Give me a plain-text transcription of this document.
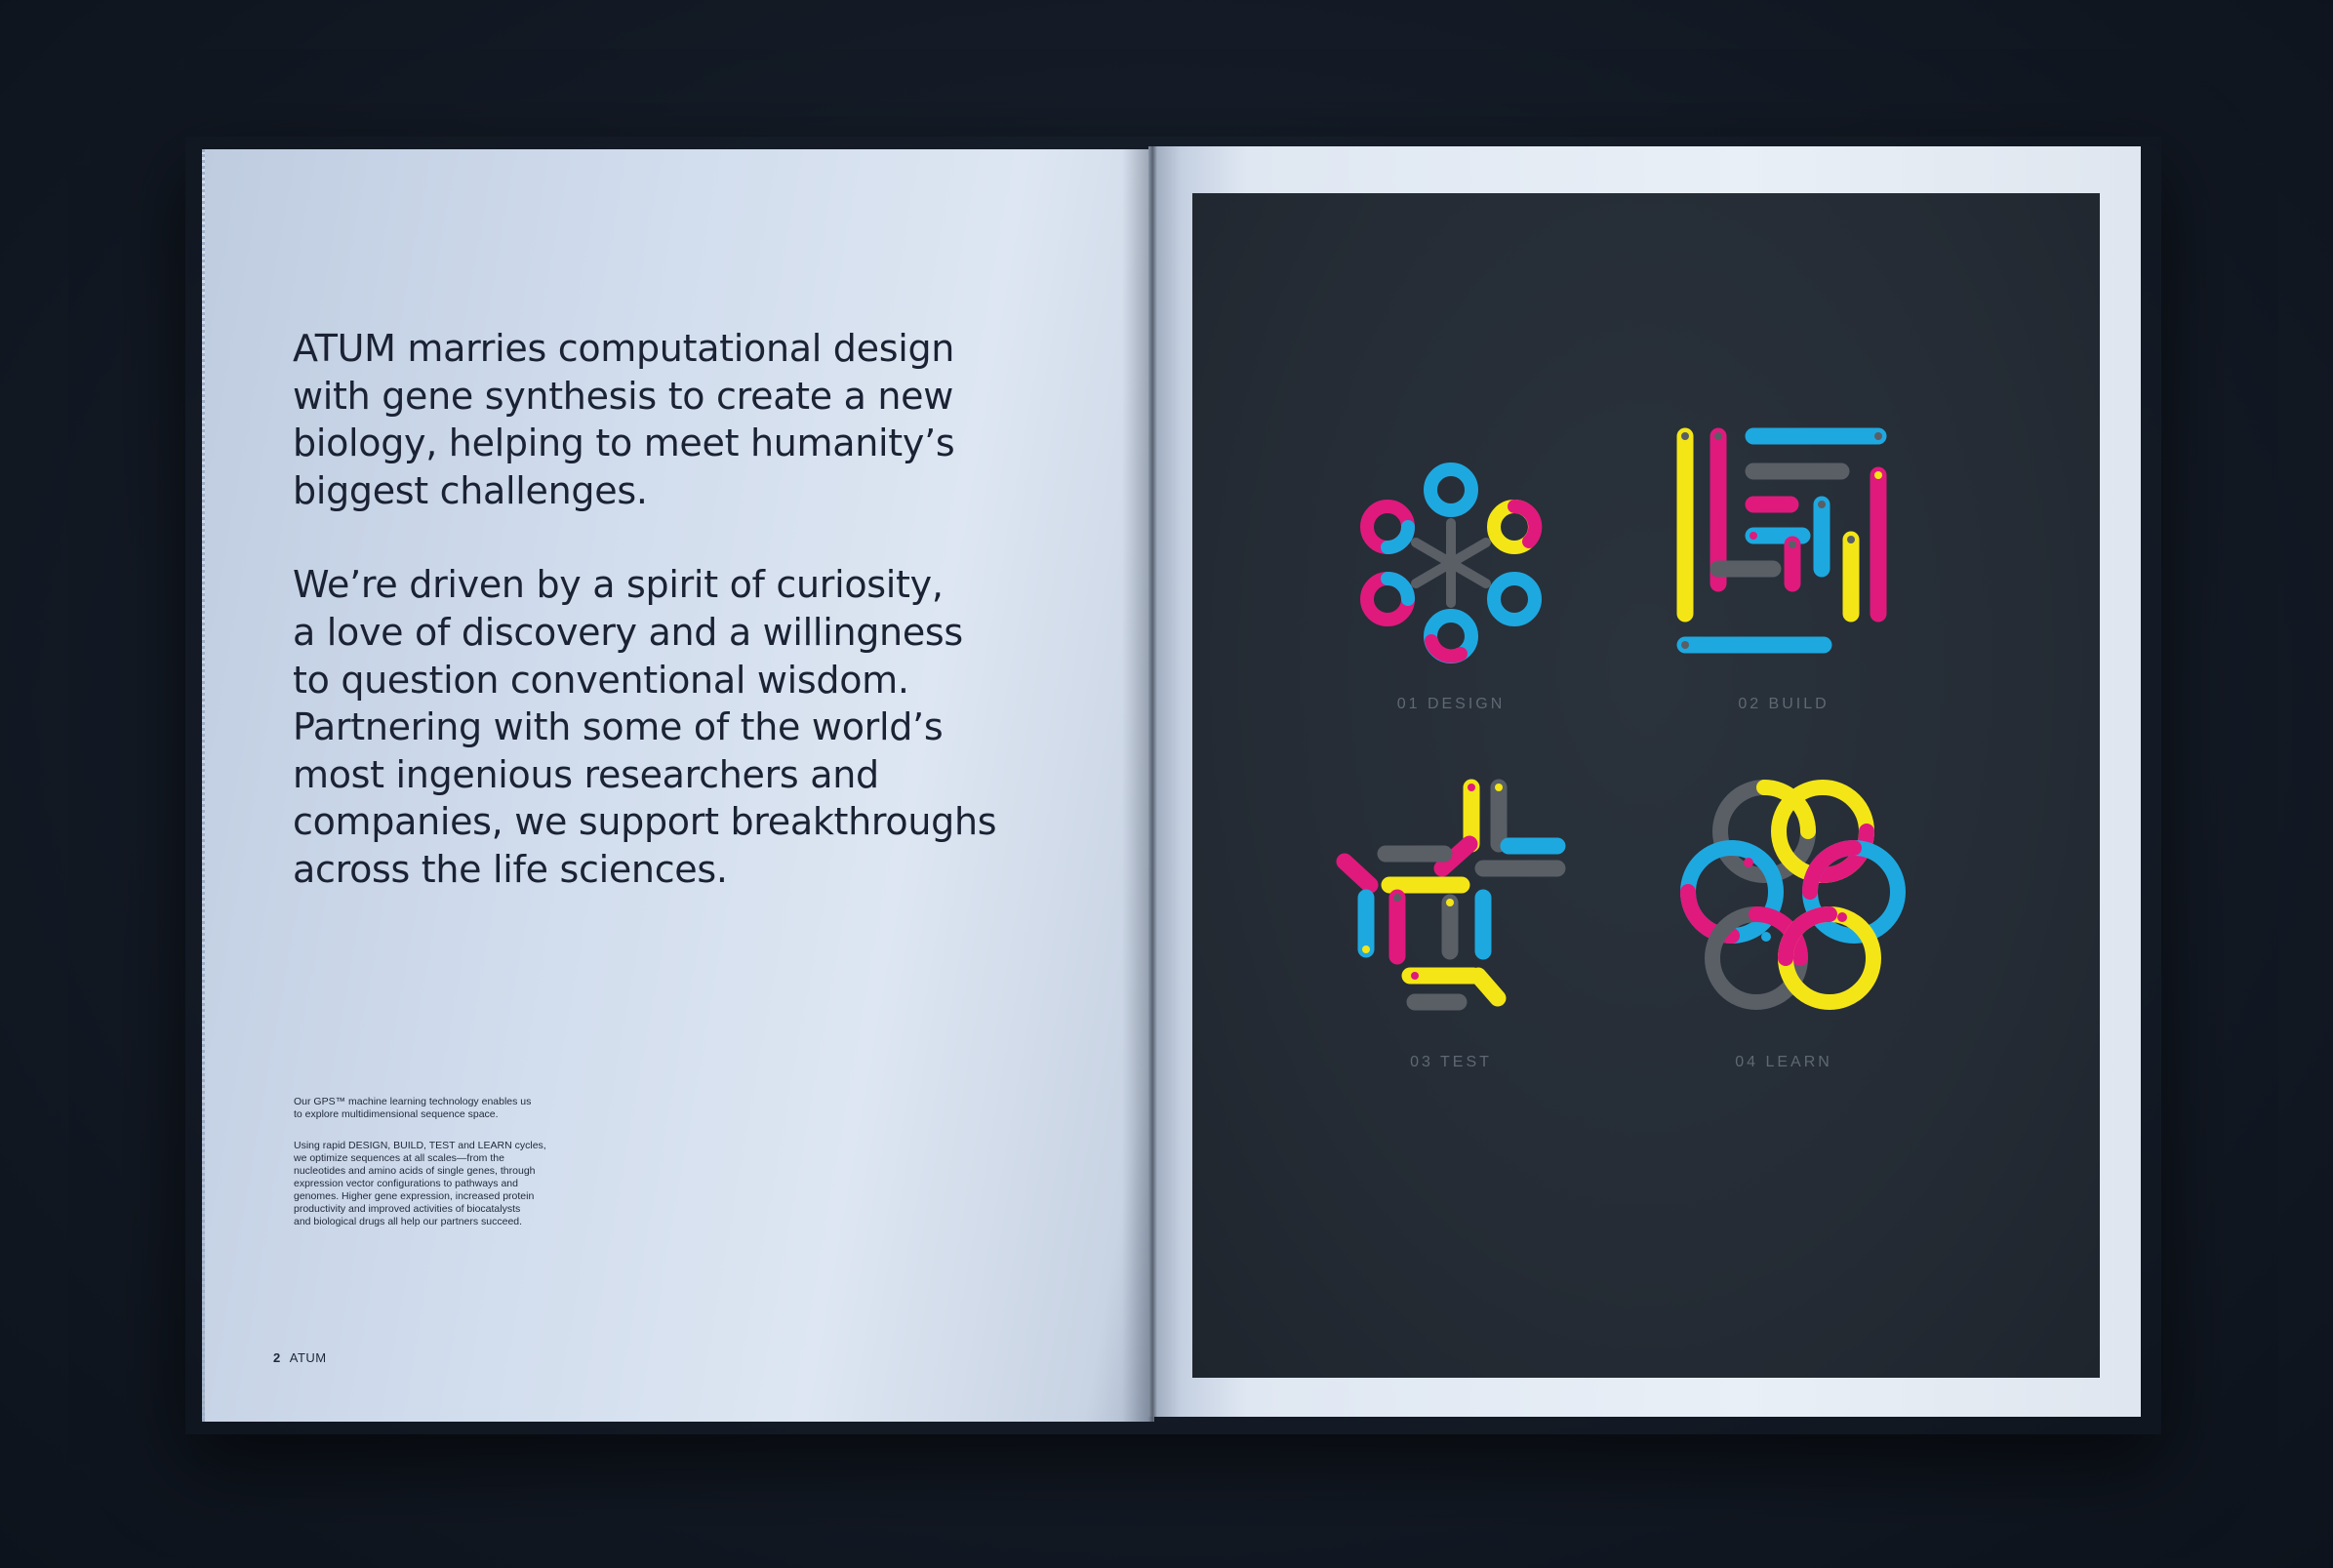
ATUM marries computational design
with gene synthesis to create a new
biology, helping to meet humanity’s
biggest challenges.

We’re driven by a spirit of curiosity,
a love of discovery and a willingness
to question conventional wisdom.
Partnering with some of the world’s
most ingenious researchers and
companies, we support breakthroughs
across the life sciences.

Our GPS™ machine learning technology enables us
to explore multidimensional sequence space.

Using rapid DESIGN, BUILD, TEST and LEARN cycles,
we optimize sequences at all scales—from the
nucleotides and amino acids of single genes, through
expression vector configurations to pathways and
genomes. Higher gene expression, increased protein
productivity and improved activities of biocatalysts
and biological drugs all help our partners succeed.

2 ATUM
01 DESIGN	02 BUILD
03 TEST	04 LEARN
